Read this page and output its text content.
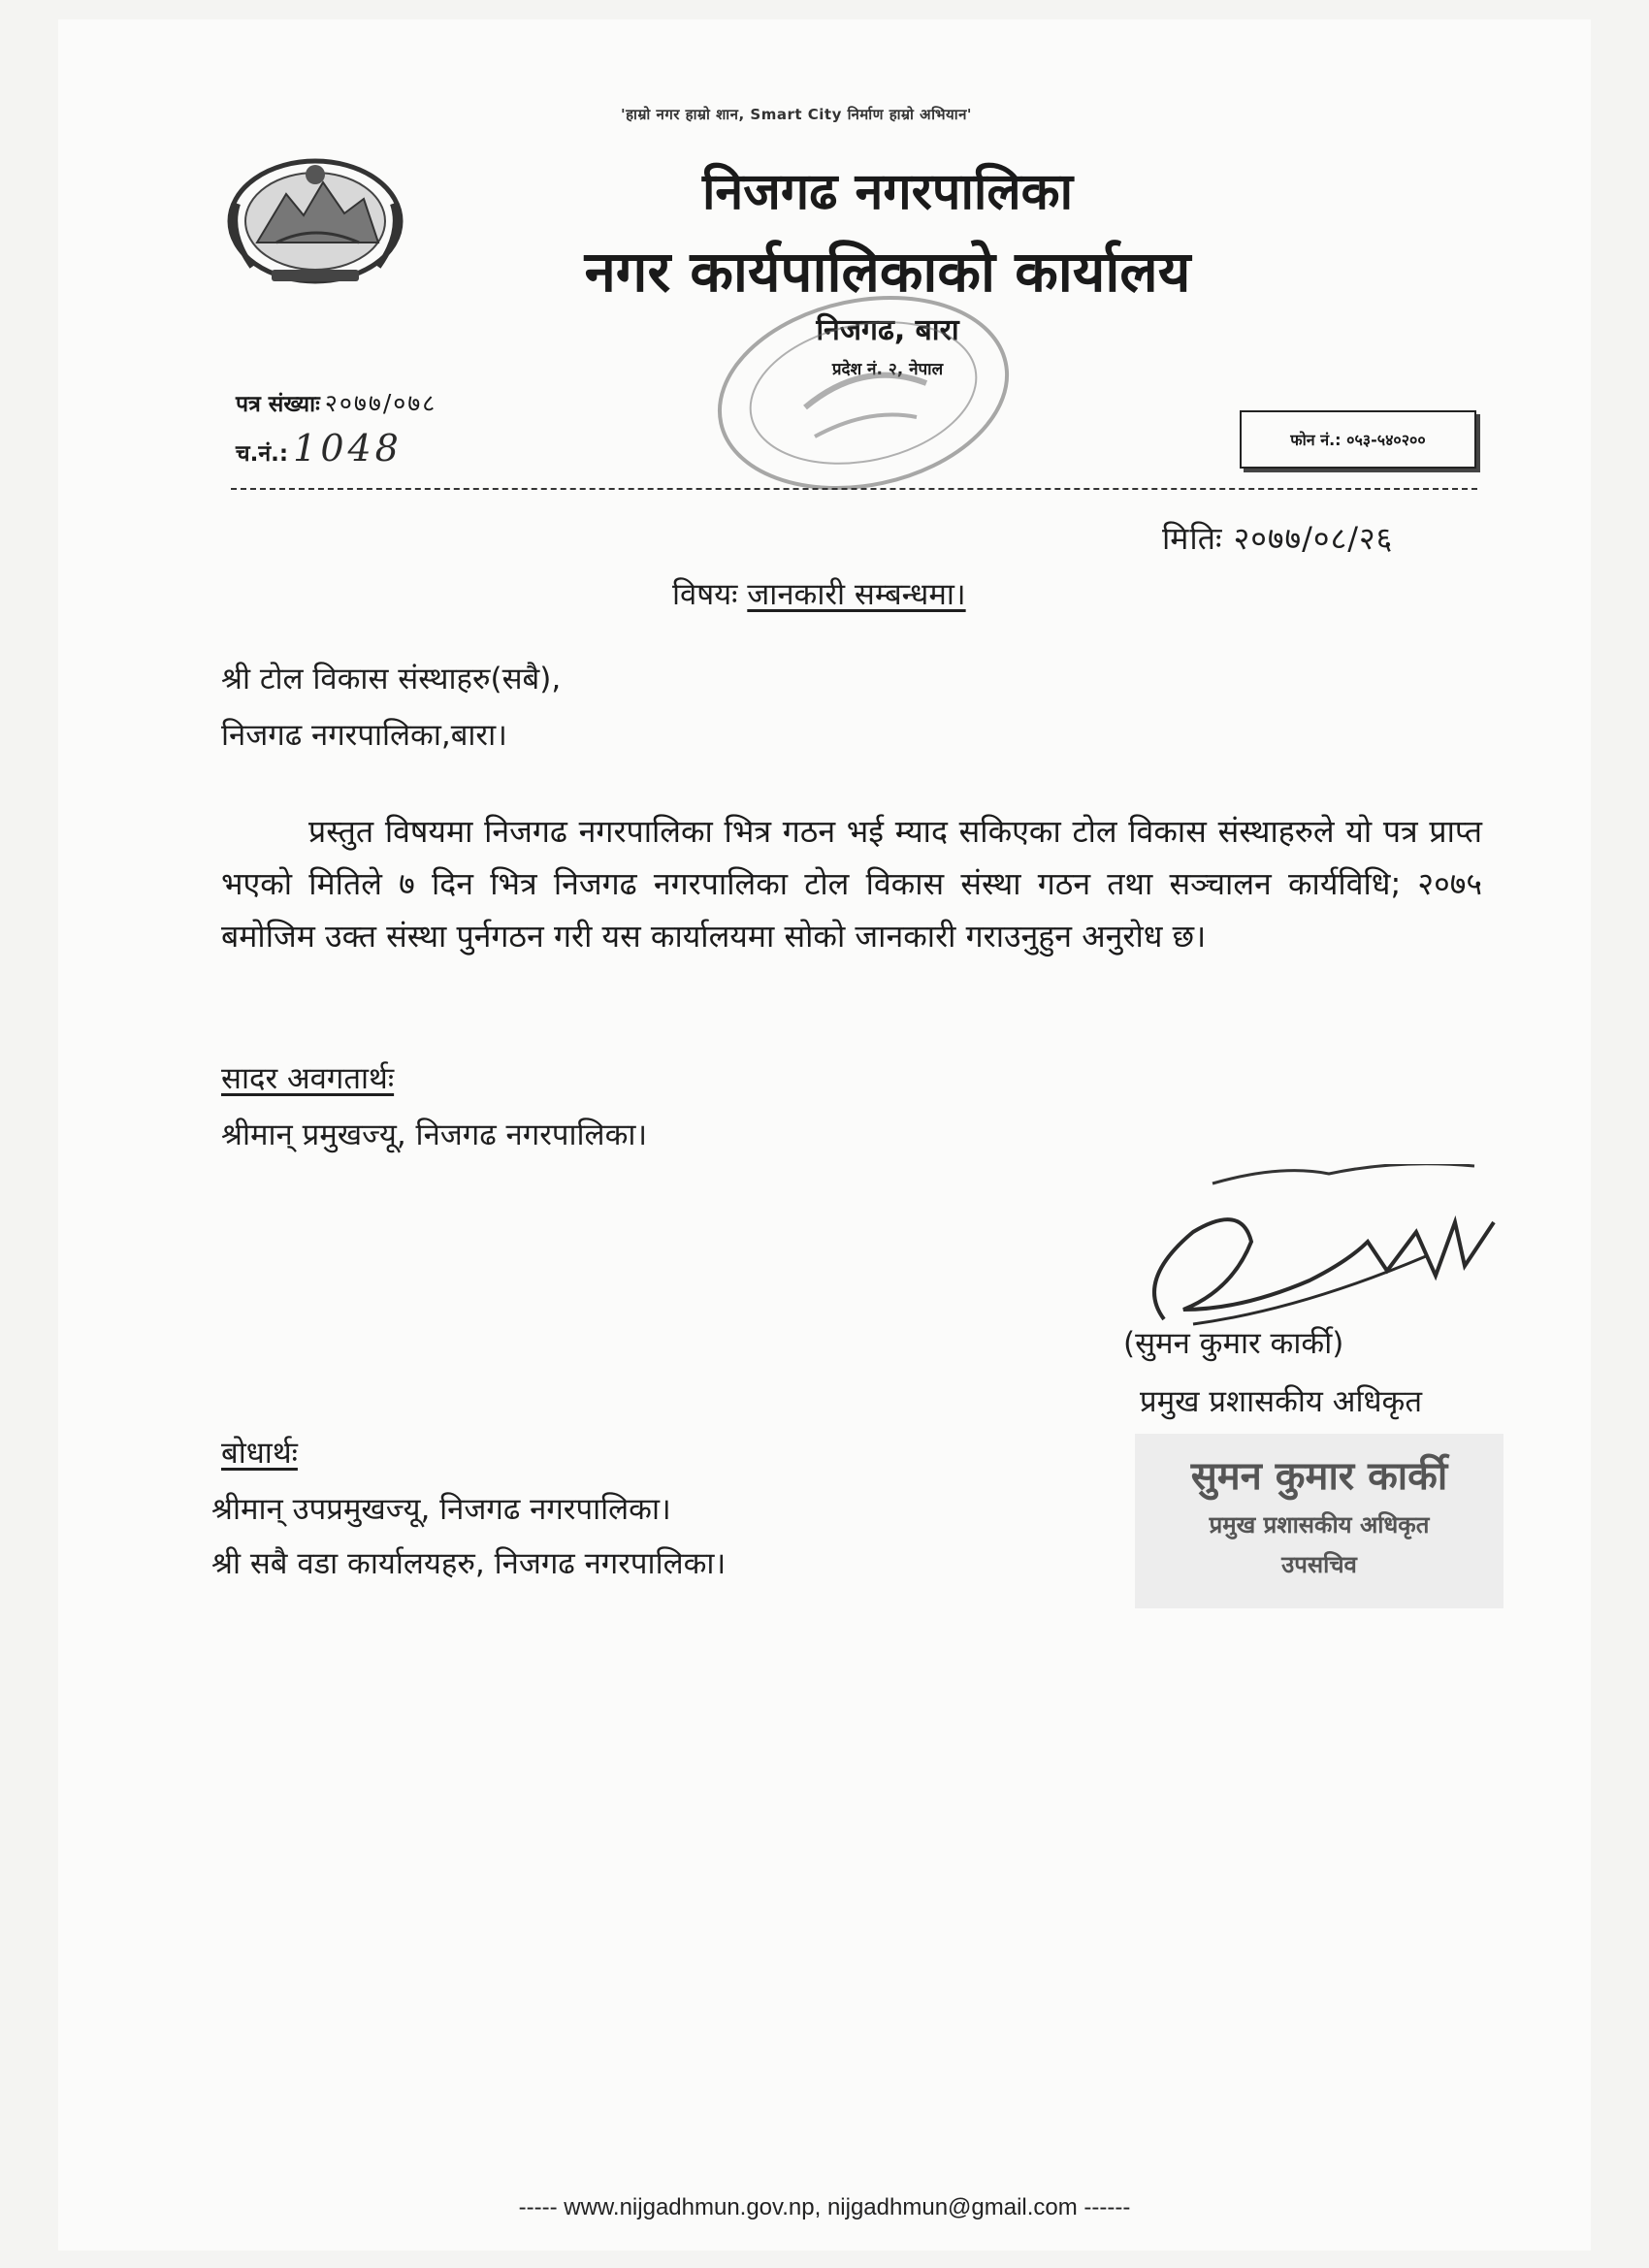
'हाम्रो नगर हाम्रो शान, Smart City निर्माण हाम्रो अभियान'
निजगढ नगरपालिका
नगर कार्यपालिकाको कार्यालय
निजगढ, बारा
प्रदेश नं. २, नेपाल
पत्र संख्याः २०७७/०७८
च.नं.: 1048	फोन नं.: ०५३-५४०२००
मितिः २०७७/०८/२६
विषयः जानकारी सम्बन्धमा।
श्री टोल विकास संस्थाहरु(सबै),
निजगढ नगरपालिका,बारा।
प्रस्तुत विषयमा निजगढ नगरपालिका भित्र गठन भई म्याद सकिएका टोल विकास संस्थाहरुले यो पत्र प्राप्त भएको मितिले ७ दिन भित्र निजगढ नगरपालिका टोल विकास संस्था गठन तथा सञ्चालन कार्यविधि; २०७५ बमोजिम उक्त संस्था पुर्नगठन गरी यस कार्यालयमा सोको जानकारी गराउनुहुन अनुरोध छ।
सादर अवगतार्थः
श्रीमान् प्रमुखज्यू, निजगढ नगरपालिका।
(सुमन कुमार कार्की)
प्रमुख प्रशासकीय अधिकृत
सुमन कुमार कार्की
प्रमुख प्रशासकीय अधिकृत
उपसचिव
बोधार्थः
श्रीमान् उपप्रमुखज्यू, निजगढ नगरपालिका।
श्री सबै वडा कार्यालयहरु, निजगढ नगरपालिका।
----- www.nijgadhmun.gov.np, nijgadhmun@gmail.com ------
